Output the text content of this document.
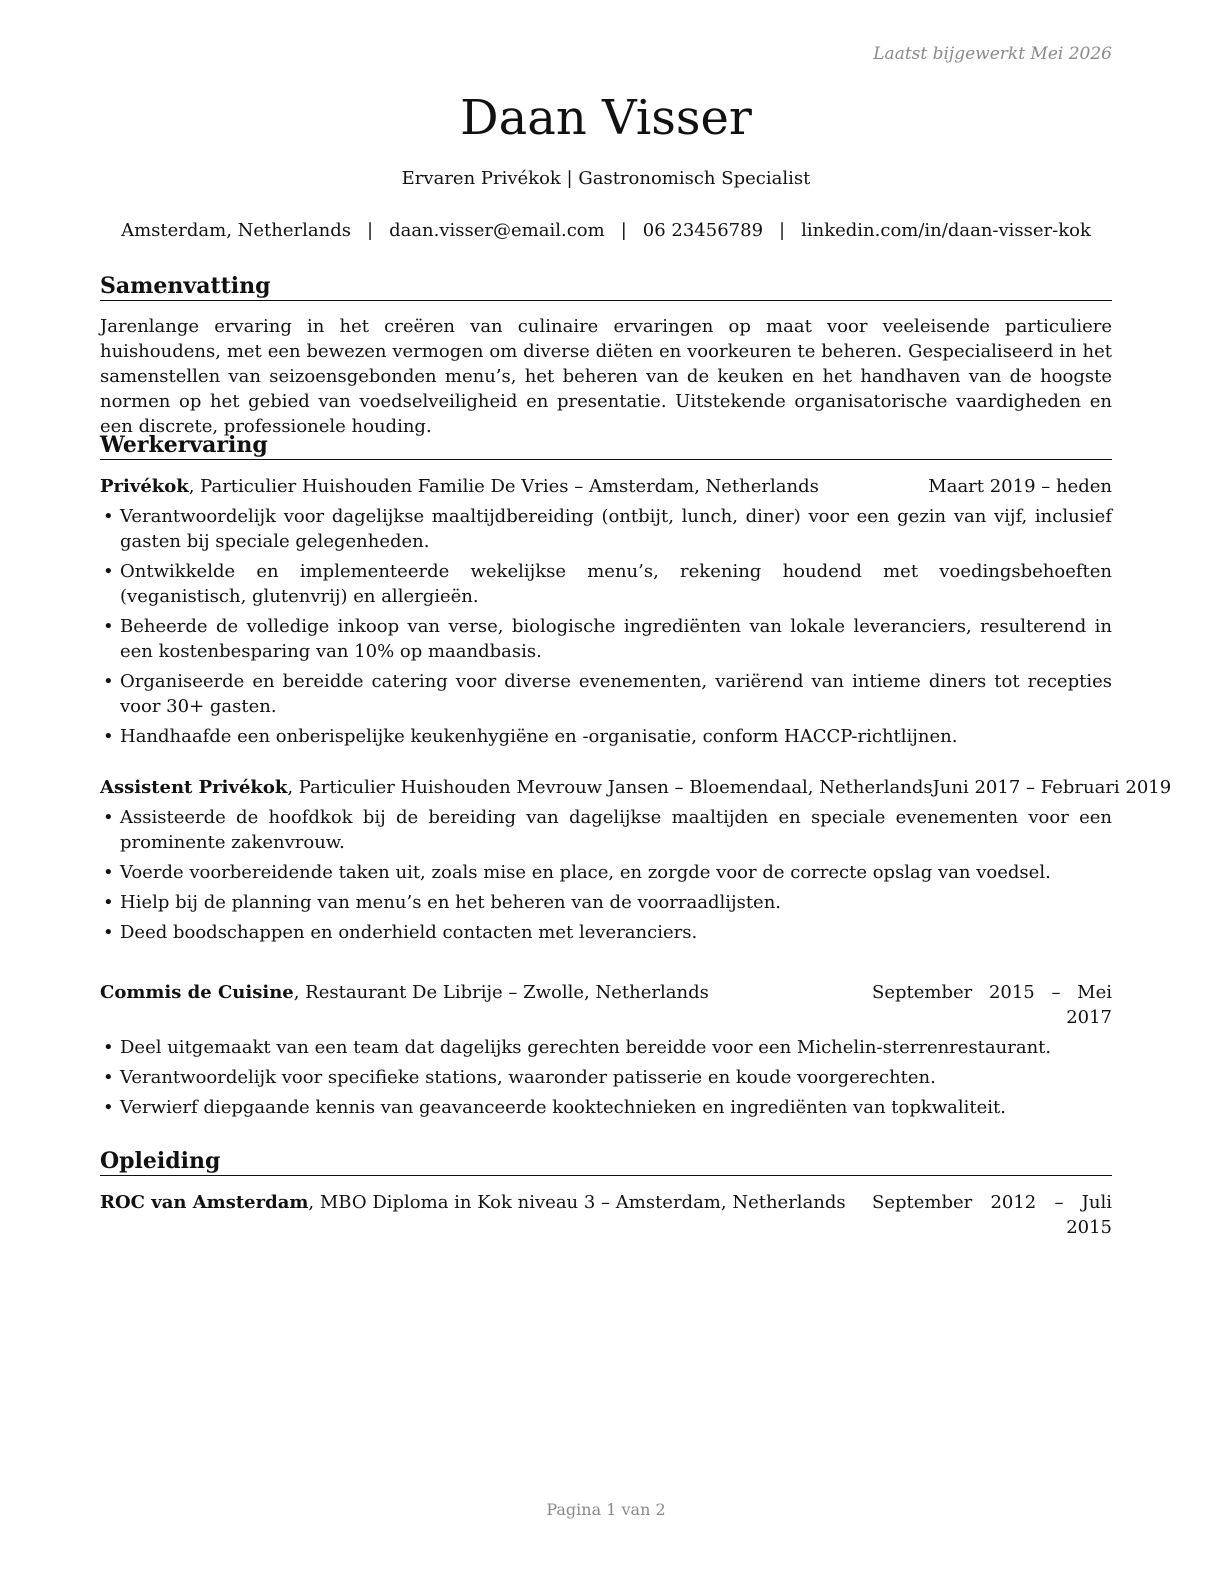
Laatst bijgewerkt Mei 2026
Daan Visser
Ervaren Privékok | Gastronomisch Specialist
Amsterdam, Netherlands | daan.visser@email.com | 06 23456789 | linkedin.com/in/daan-visser-kok
Samenvatting

Jarenlange ervaring in het creëren van culinaire ervaringen op maat voor veeleisende particuliere huishoudens, met een bewezen vermogen om diverse diëten en voorkeuren te beheren. Gespecialiseerd in het samenstellen van seizoensgebonden menu’s, het beheren van de keuken en het handhaven van de hoogste normen op het gebied van voedselveiligheid en presentatie. Uitstekende organisatorische vaardigheden en een discrete, professionele houding.

Werkervaring
Privékok, Particulier Huishouden Familie De Vries – Amsterdam, Netherlands	Maart 2019 – heden
• Verantwoordelijk voor dagelijkse maaltijdbereiding (ontbijt, lunch, diner) voor een gezin van vijf, inclusief gasten bij speciale gelegenheden.
• Ontwikkelde en implementeerde wekelijkse menu’s, rekening houdend met voedingsbehoeften (veganistisch, glutenvrij) en allergieën.
• Beheerde de volledige inkoop van verse, biologische ingrediënten van lokale leveranciers, resulterend in een kostenbesparing van 10% op maandbasis.
• Organiseerde en bereidde catering voor diverse evenementen, variërend van intieme diners tot recepties voor 30+ gasten.
• Handhaafde een onberispelijke keukenhygiëne en -organisatie, conform HACCP-richtlijnen.
Assistent Privékok, Particulier Huishouden Mevrouw Jansen – Bloemendaal, Netherlands Juni 2017 – Februari 2019
• Assisteerde de hoofdkok bij de bereiding van dagelijkse maaltijden en speciale evenementen voor een prominente zakenvrouw.
• Voerde voorbereidende taken uit, zoals mise en place, en zorgde voor de correcte opslag van voedsel.
• Hielp bij de planning van menu’s en het beheren van de voorraadlijsten.
• Deed boodschappen en onderhield contacten met leveranciers.
Commis de Cuisine, Restaurant De Librije – Zwolle, Netherlands	September 2015 – Mei 2017
• Deel uitgemaakt van een team dat dagelijks gerechten bereidde voor een Michelin-sterrenrestaurant.
• Verantwoordelijk voor specifieke stations, waaronder patisserie en koude voorgerechten.
• Verwierf diepgaande kennis van geavanceerde kooktechnieken en ingrediënten van topkwaliteit.
Opleiding
ROC van Amsterdam, MBO Diploma in Kok niveau 3 – Amsterdam, Netherlands September 2012 – Juli 2015
Pagina 1 van 2
